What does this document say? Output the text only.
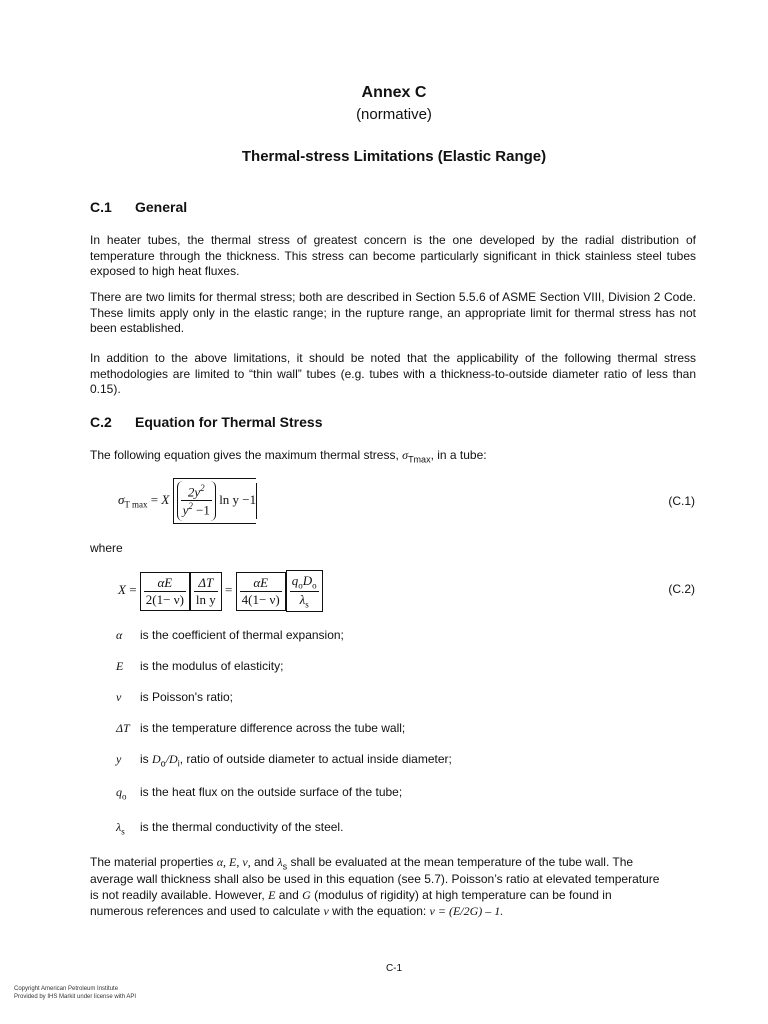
Annex C
(normative)
Thermal-stress Limitations (Elastic Range)
C.1 General

In heater tubes, the thermal stress of greatest concern is the one developed by the radial distribution of temperature through the thickness. This stress can become particularly significant in thick stainless steel tubes exposed to high heat fluxes.

There are two limits for thermal stress; both are described in Section 5.5.6 of ASME Section VIII, Division 2 Code. These limits apply only in the elastic range; in the rupture range, an appropriate limit for thermal stress has not been established.

In addition to the above limitations, it should be noted that the applicability of the following thermal stress methodologies are limited to “thin wall” tubes (e.g. tubes with a thickness-to-outside diameter ratio of less than 0.15).

C.2 Equation for Thermal Stress
The following equation gives the maximum thermal stress, $\sigma_{Tmax}$, in a tube:
$\sigma_{T max} = X \frac{2y^2}{y^2 -1}$ ln y −1	(C.1)
where
$X = \frac{\alpha E}{2(1- \nu)} \frac{\Delta T}{\text{ln y}} = \frac{\alpha E}{4(1- \nu)} \frac{q_oD_o}{\lambda_s}$	(C.2)
α is the coefficient of thermal expansion;
E is the modulus of elasticity;
ν is Poisson's ratio;
ΔT is the temperature difference across the tube wall;
y is $D_o/D_i$, ratio of outside diameter to actual inside diameter;
$q_o$ is the heat flux on the outside surface of the tube;
$\lambda_s$ is the thermal conductivity of the steel.
The material properties α, E, ν, and $\lambda_s$ shall be evaluated at the mean temperature of the tube wall. The
average wall thickness shall also be used in this equation (see 5.7). Poisson’s ratio at elevated temperature
is not readily available. However, E and G (modulus of rigidity) at high temperature can be found in
numerous references and used to calculate ν with the equation: ν = (E/2G) – 1.
C-1
Copyright American Petroleum Institute
Provided by IHS Markit under license with API
